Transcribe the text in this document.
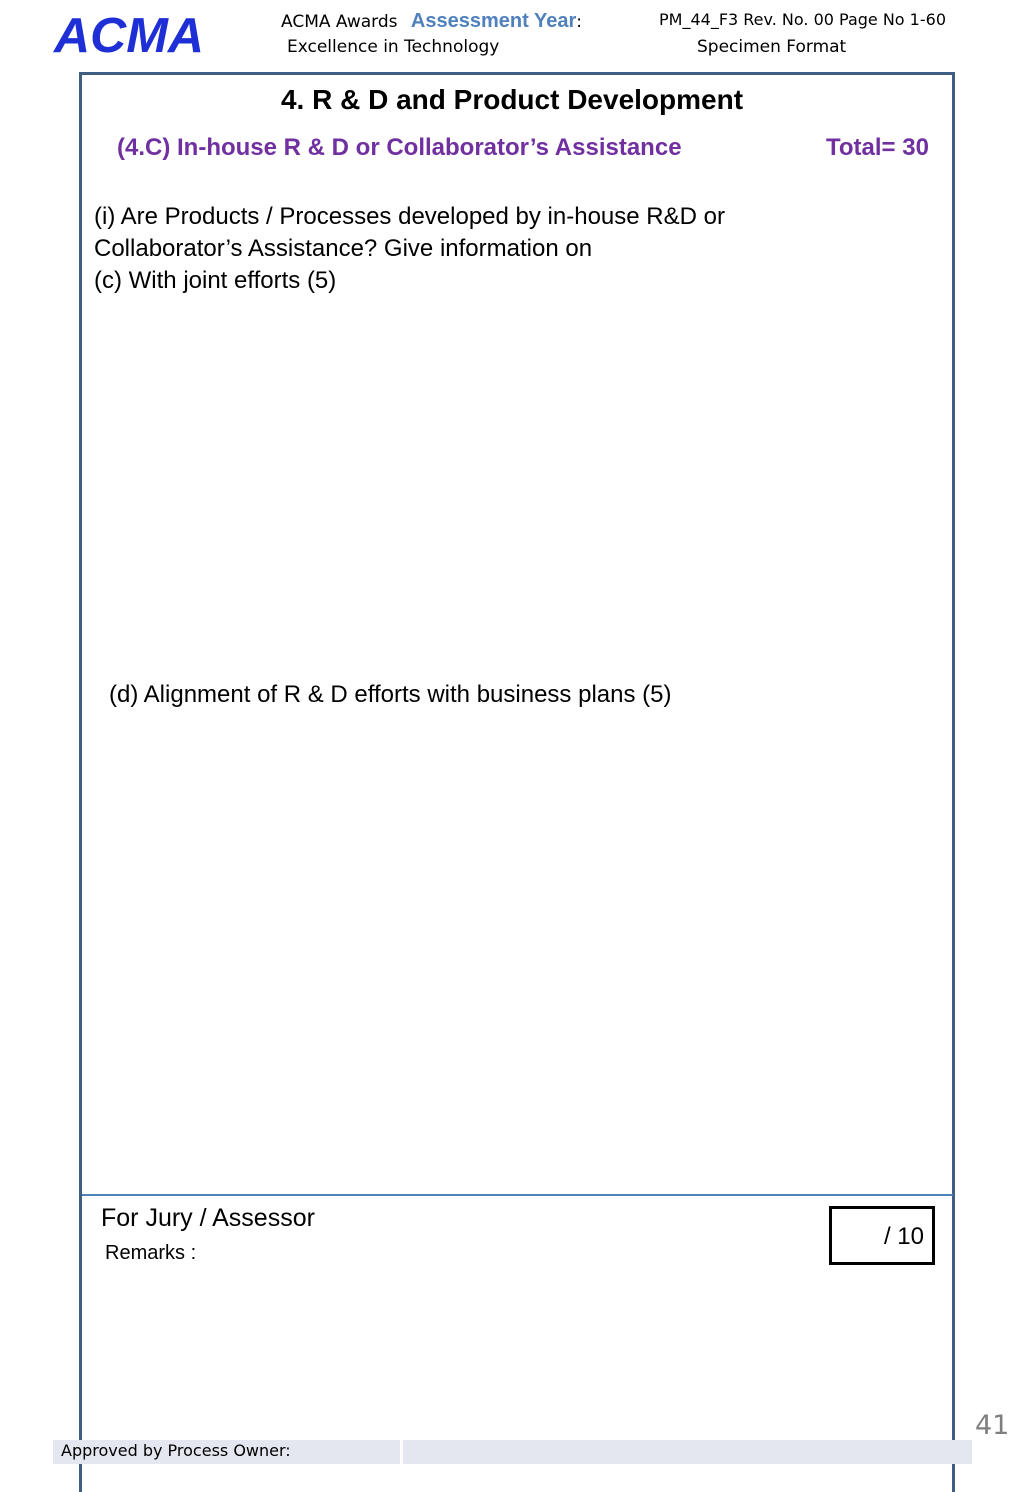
ACMA	ACMA Awards Assessment Year:
Excellence in Technology
PM_44_F3 Rev. No. 00 Page No 1-60
Specimen Format
4. R & D and Product Development
(4.C) In-house R & D or Collaborator’s Assistance	Total= 30
(i) Are Products / Processes developed by in-house R&D or
Collaborator’s Assistance? Give information on
(c) With joint efforts (5)
(d) Alignment of R & D efforts with business plans (5)
For Jury / Assessor
Remarks :
/ 10
41
Approved by Process Owner:
